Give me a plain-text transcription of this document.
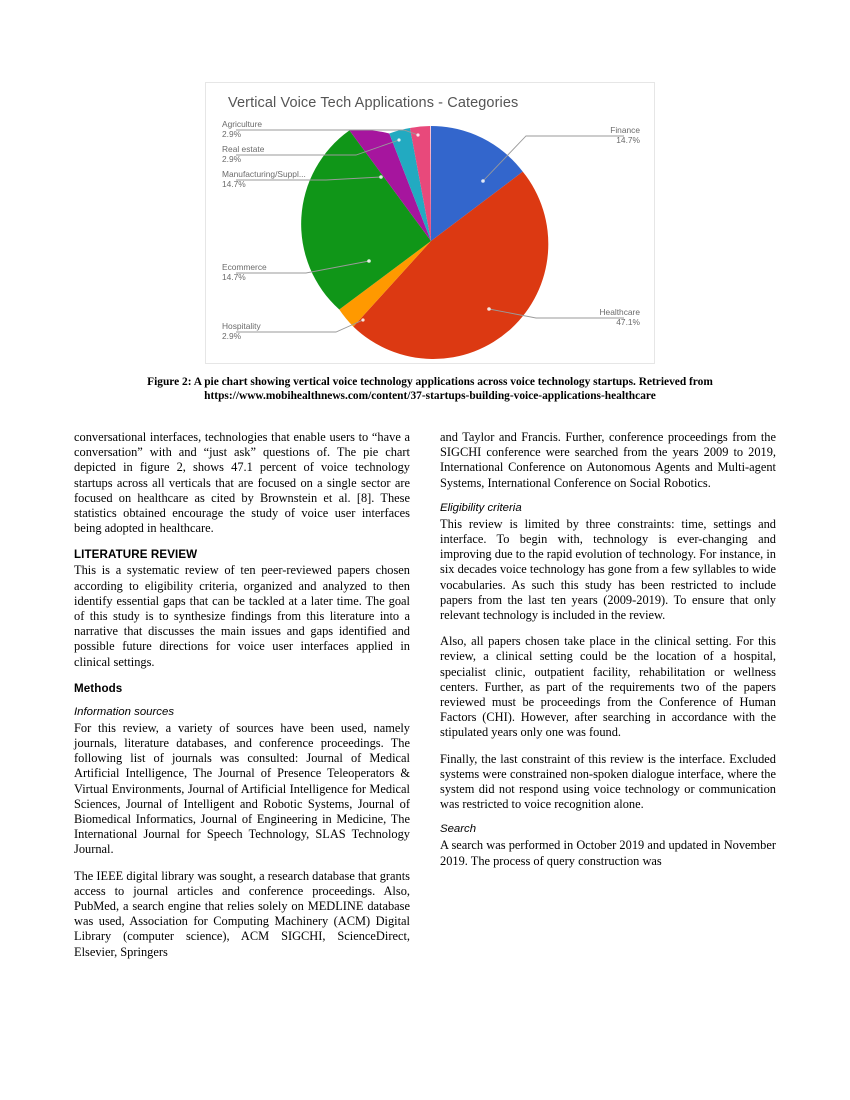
Vertical Voice Tech Applications - Categories
Agriculture
2.9%
Real estate
2.9%
Manufacturing/Suppl...
14.7%
Ecommerce
14.7%
Hospitality
2.9%
Finance
14.7%
Healthcare
47.1%
Figure 2: A pie chart showing vertical voice technology applications across voice technology startups. Retrieved from https://www.mobihealthnews.com/content/37-startups-building-voice-applications-healthcare

conversational interfaces, technologies that enable users to “have a conversation” with and “just ask” questions of. The pie chart depicted in figure 2, shows 47.1 percent of voice technology startups across all verticals that are focused on a single sector are focused on healthcare as cited by Brownstein et al. [8]. These statistics obtained encourage the study of voice user interfaces being adopted in healthcare.

LITERATURE REVIEW

This is a systematic review of ten peer-reviewed papers chosen according to eligibility criteria, organized and analyzed to then identify essential gaps that can be tackled at a later time. The goal of this study is to synthesize findings from this literature into a narrative that discusses the main issues and gaps identified and possible future directions for voice user interfaces applied in clinical settings.

Methods
Information sources

For this review, a variety of sources have been used, namely journals, literature databases, and conference proceedings. The following list of journals was consulted: Journal of Medical Artificial Intelligence, The Journal of Presence Teleoperators & Virtual Environments, Journal of Artificial Intelligence for Medical Sciences, Journal of Intelligent and Robotic Systems, Journal of Biomedical Informatics, Journal of Engineering in Medicine, The International Journal for Speech Technology, SLAS Technology Journal.

The IEEE digital library was sought, a research database that grants access to journal articles and conference proceedings. Also, PubMed, a search engine that relies solely on MEDLINE database was used, Association for Computing Machinery (ACM) Digital Library (computer science), ACM SIGCHI, ScienceDirect, Elsevier, Springers

and Taylor and Francis. Further, conference proceedings from the SIGCHI conference were searched from the years 2009 to 2019, International Conference on Autonomous Agents and Multi-agent Systems, International Conference on Social Robotics.

Eligibility criteria

This review is limited by three constraints: time, settings and interface. To begin with, technology is ever-changing and improving due to the rapid evolution of technology. For instance, in six decades voice technology has gone from a few syllables to wide vocabularies. As such this study has been restricted to include papers from the last ten years (2009-2019). To ensure that only relevant technology is included in the review.

Also, all papers chosen take place in the clinical setting. For this review, a clinical setting could be the location of a hospital, specialist clinic, outpatient facility, rehabilitation or wellness centers. Further, as part of the requirements two of the papers reviewed must be proceedings from the Conference of Human Factors (CHI). However, after searching in accordance with the stipulated years only one was found.

Finally, the last constraint of this review is the interface. Excluded systems were constrained non-spoken dialogue interface, where the system did not respond using voice technology or communication was restricted to voice recognition alone.

Search

A search was performed in October 2019 and updated in November 2019. The process of query construction was
